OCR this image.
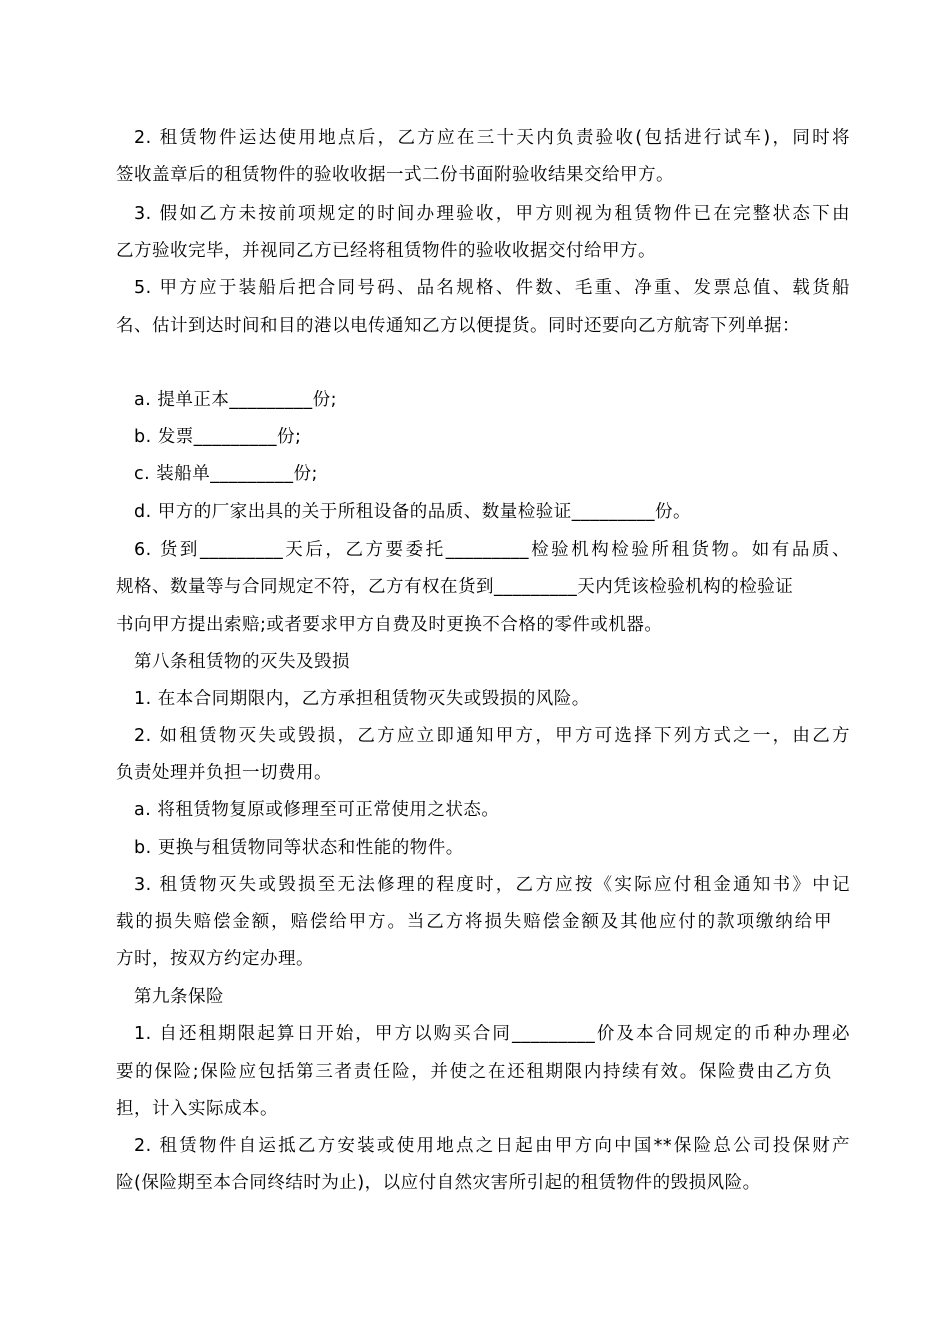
2. 租赁物件运达使用地点后，乙方应在三十天内负责验收(包括进行试车)，同时将
签收盖章后的租赁物件的验收收据一式二份书面附验收结果交给甲方。
3. 假如乙方未按前项规定的时间办理验收，甲方则视为租赁物件已在完整状态下由
乙方验收完毕，并视同乙方已经将租赁物件的验收收据交付给甲方。
5. 甲方应于装船后把合同号码、品名规格、件数、毛重、净重、发票总值、载货船
名、估计到达时间和目的港以电传通知乙方以便提货。同时还要向乙方航寄下列单据：
a. 提单正本_________份;
b. 发票_________份;
c. 装船单_________份;
d. 甲方的厂家出具的关于所租设备的品质、数量检验证_________份。
6. 货到_________天后，乙方要委托_________检验机构检验所租货物。如有品质、
规格、数量等与合同规定不符，乙方有权在货到_________天内凭该检验机构的检验证
书向甲方提出索赔;或者要求甲方自费及时更换不合格的零件或机器。
第八条租赁物的灭失及毁损
1. 在本合同期限内，乙方承担租赁物灭失或毁损的风险。
2. 如租赁物灭失或毁损，乙方应立即通知甲方，甲方可选择下列方式之一，由乙方
负责处理并负担一切费用。
a. 将租赁物复原或修理至可正常使用之状态。
b. 更换与租赁物同等状态和性能的物件。
3. 租赁物灭失或毁损至无法修理的程度时，乙方应按《实际应付租金通知书》中记
载的损失赔偿金额，赔偿给甲方。当乙方将损失赔偿金额及其他应付的款项缴纳给甲
方时，按双方约定办理。
第九条保险
1. 自还租期限起算日开始，甲方以购买合同_________价及本合同规定的币种办理必
要的保险;保险应包括第三者责任险，并使之在还租期限内持续有效。保险费由乙方负
担，计入实际成本。
2. 租赁物件自运抵乙方安装或使用地点之日起由甲方向中国**保险总公司投保财产
险(保险期至本合同终结时为止)，以应付自然灾害所引起的租赁物件的毁损风险。
